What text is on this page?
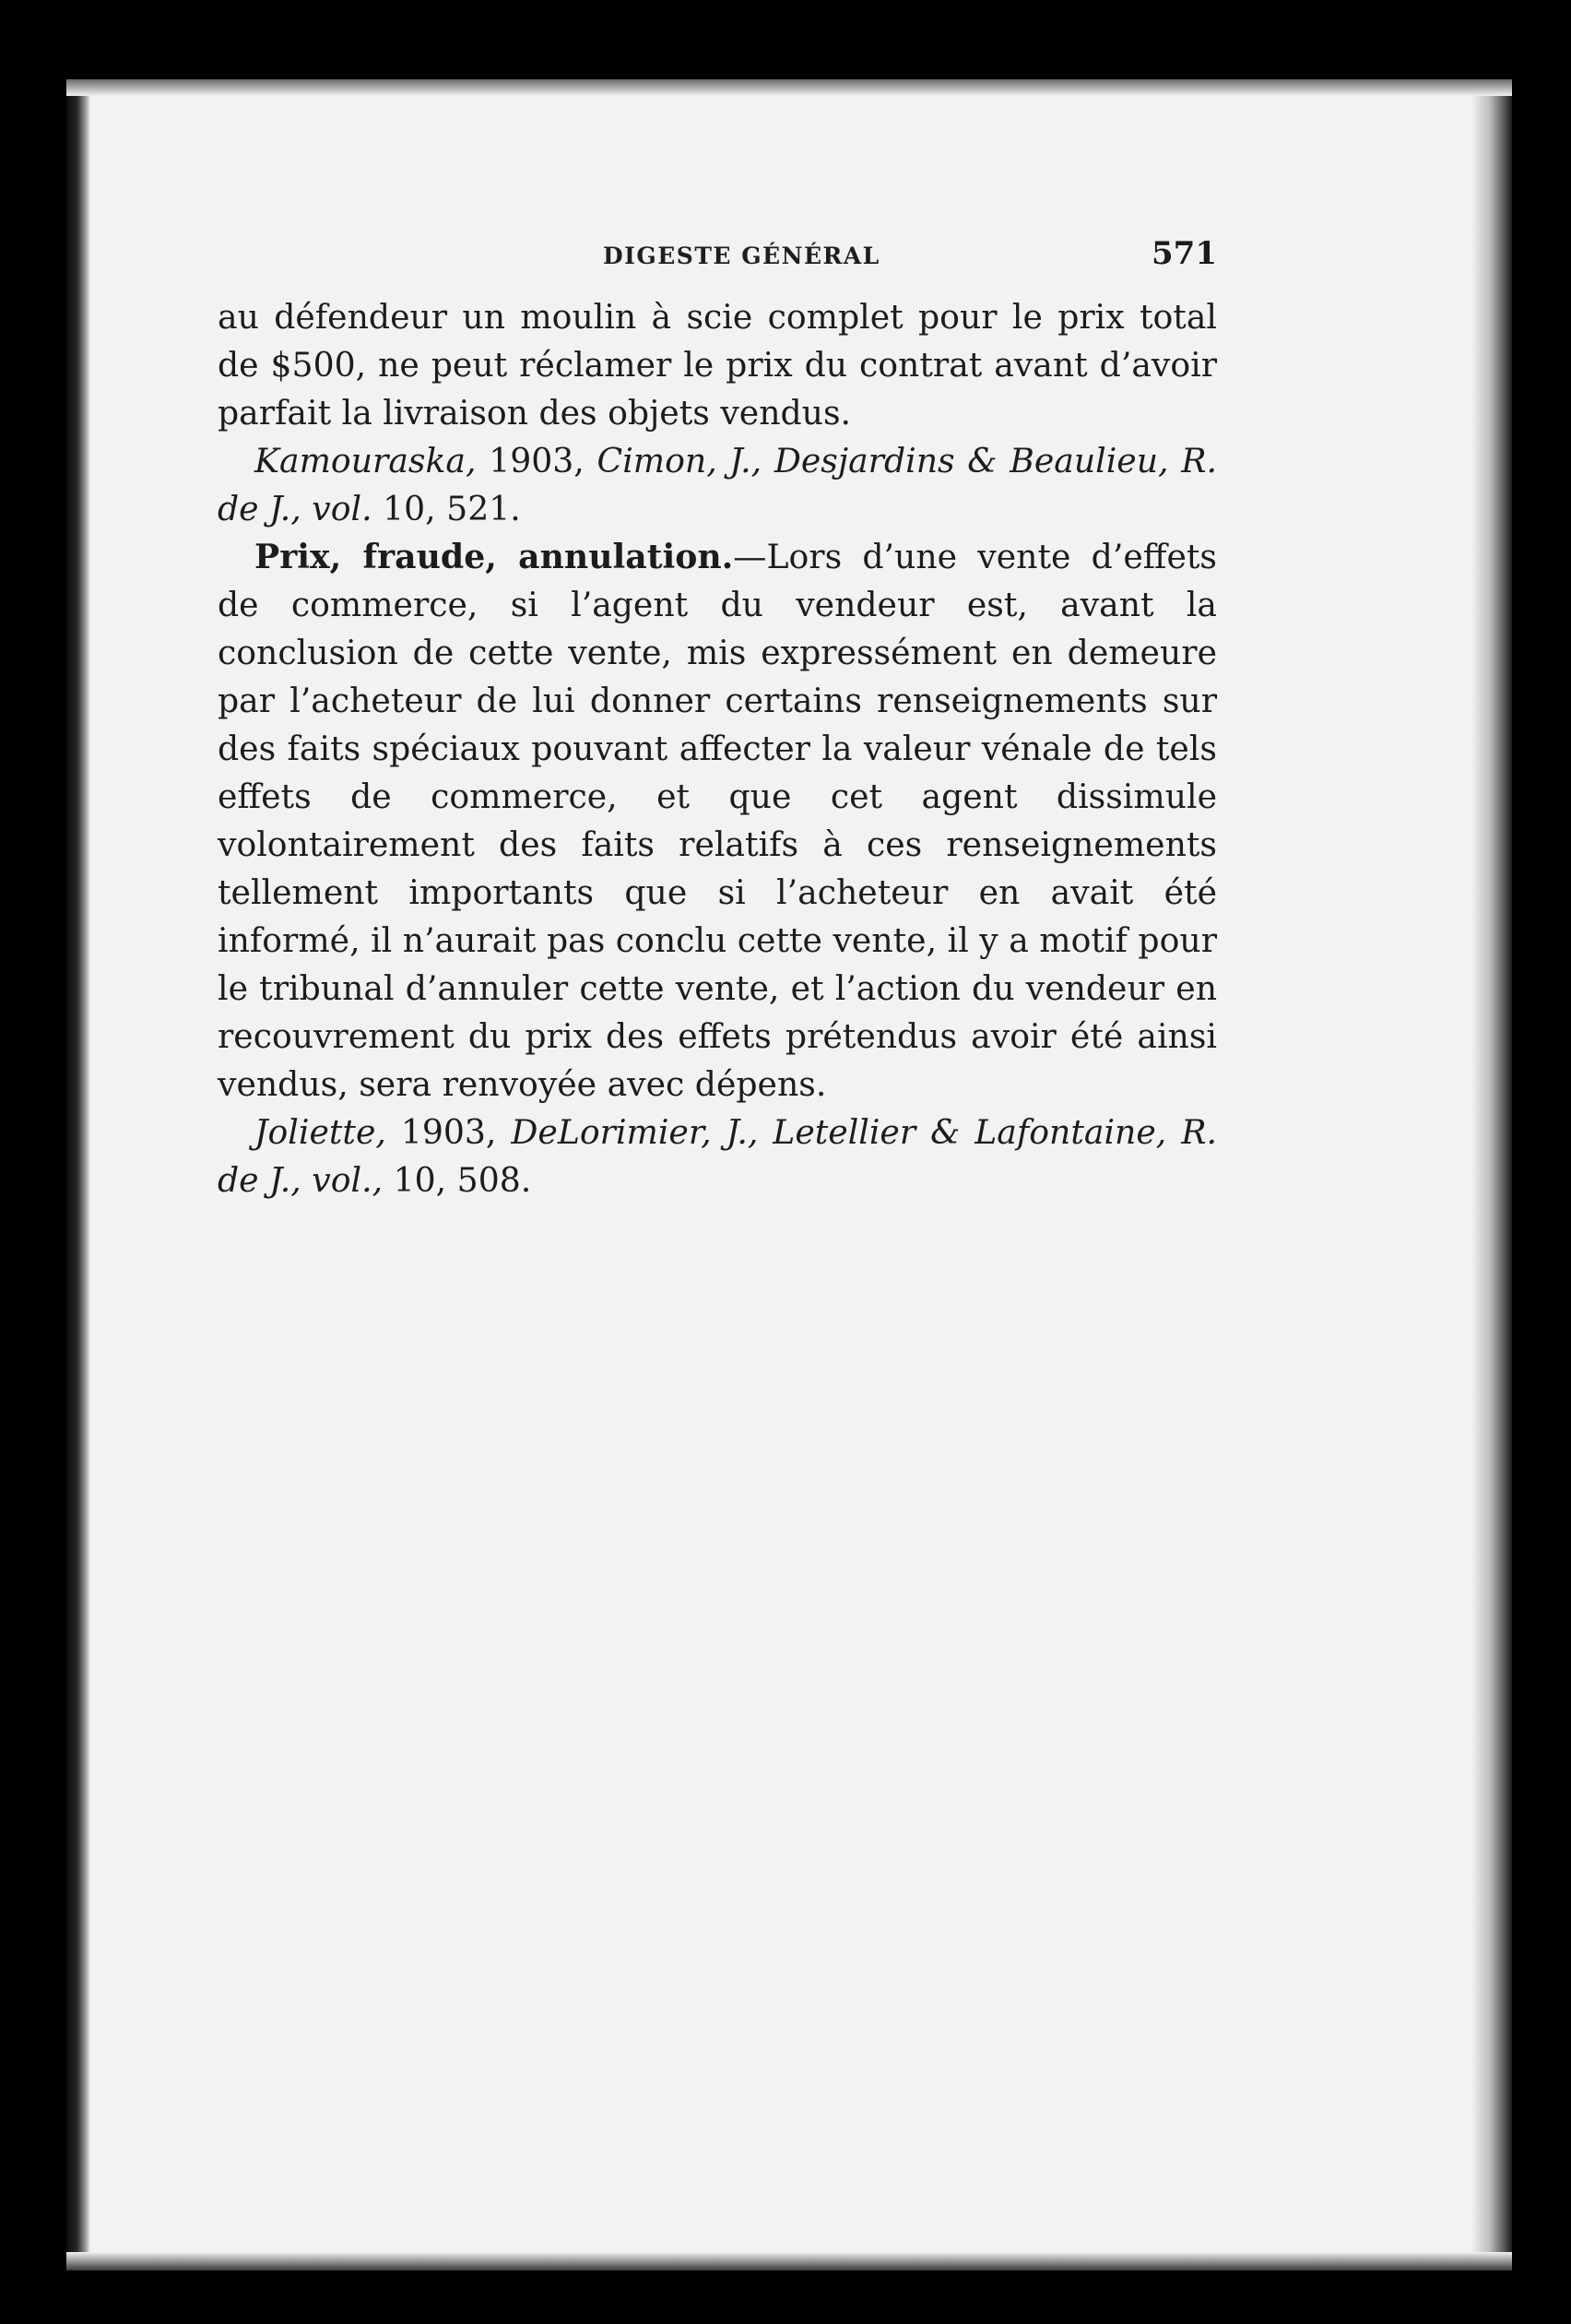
DIGESTE GÉNÉRAL	571

au défendeur un moulin à scie complet pour le prix total de $500, ne peut réclamer le prix du contrat avant d’avoir parfait la livraison des objets vendus.

Kamouraska, 1903, Cimon, J., Desjardins & Beaulieu, R. de J., vol. 10, 521.

Prix, fraude, annulation.—Lors d’une vente d’effets de commerce, si l’agent du vendeur est, avant la conclusion de cette vente, mis expressément en demeure par l’acheteur de lui donner certains renseignements sur des faits spéciaux pouvant affecter la valeur vénale de tels effets de commerce, et que cet agent dissimule volontairement des faits relatifs à ces renseignements tellement importants que si l’acheteur en avait été informé, il n’aurait pas conclu cette vente, il y a motif pour le tribunal d’annuler cette vente, et l’action du vendeur en recouvrement du prix des effets prétendus avoir été ainsi vendus, sera renvoyée avec dépens.

Joliette, 1903, DeLorimier, J., Letellier & Lafontaine, R. de J., vol., 10, 508.
